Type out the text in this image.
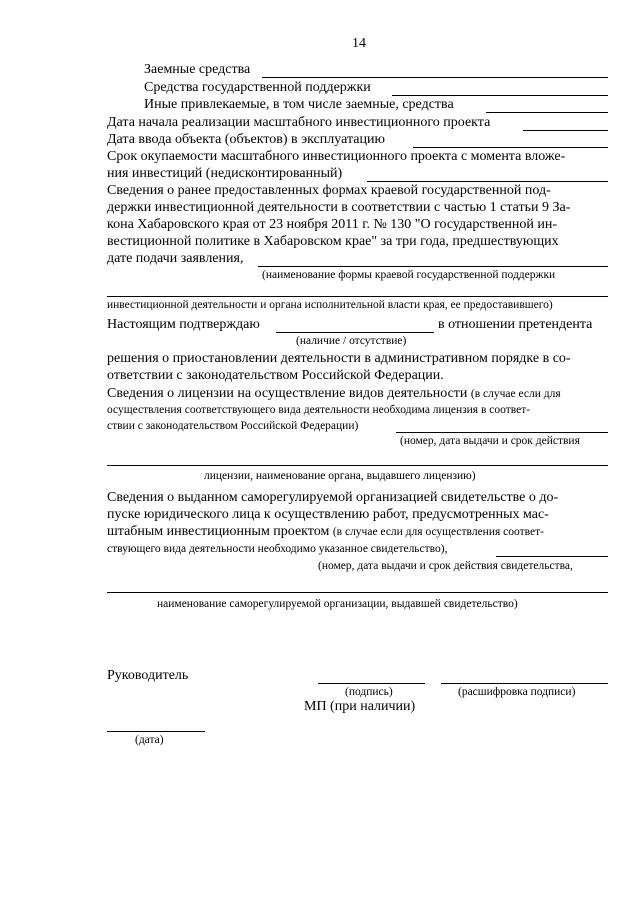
14
Заемные средства
Средства государственной поддержки
Иные привлекаемые, в том числе заемные, средства
Дата начала реализации масштабного инвестиционного проекта
Дата ввода объекта (объектов) в эксплуатацию
Срок окупаемости масштабного инвестиционного проекта с момента вложе-
ния инвестиций (недисконтированный)
Сведения о ранее предоставленных формах краевой государственной под-
держки инвестиционной деятельности в соответствии с частью 1 статьи 9 За-
кона Хабаровского края от 23 ноября 2011 г. № 130 "О государственной ин-
вестиционной политике в Хабаровском крае" за три года, предшествующих
дате подачи заявления,
(наименование формы краевой государственной поддержки
инвестиционной деятельности и органа исполнительной власти края, ее предоставившего)
Настоящим подтверждаю	в отношении претендента
(наличие / отсутствие)
решения о приостановлении деятельности в административном порядке в со-
ответствии с законодательством Российской Федерации.
Сведения о лицензии на осуществление видов деятельности (в случае если для
осуществления соответствующего вида деятельности необходима лицензия в соответ-
ствии с законодательством Российской Федерации)
(номер, дата выдачи и срок действия
лицензии, наименование органа, выдавшего лицензию)
Сведения о выданном саморегулируемой организацией свидетельстве о до-
пуске юридического лица к осуществлению работ, предусмотренных мас-
штабным инвестиционным проектом (в случае если для осуществления соответ-
ствующего вида деятельности необходимо указанное свидетельство),
(номер, дата выдачи и срок действия свидетельства,
наименование саморегулируемой организации, выдавшей свидетельство)
Руководитель
(подпись)	(расшифровка подписи)
МП (при наличии)
(дата)
